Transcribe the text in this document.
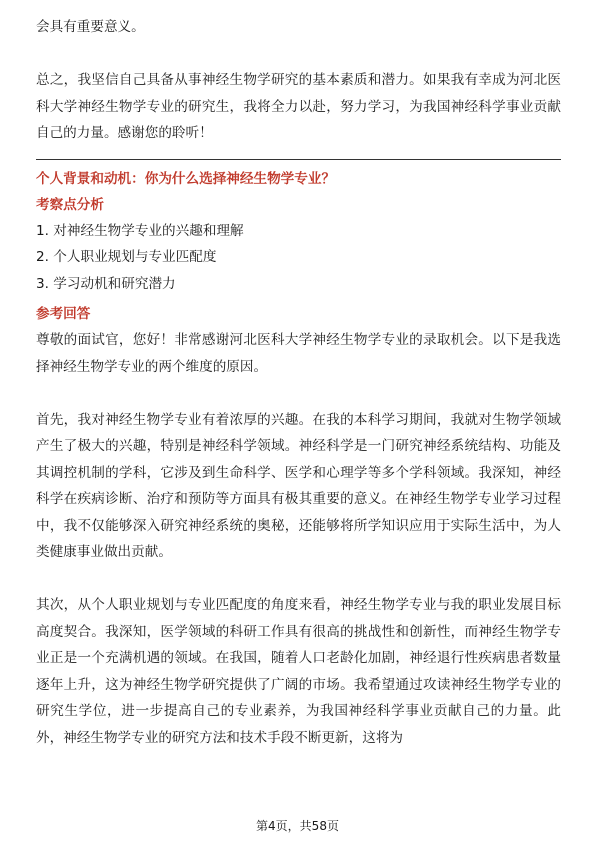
会具有重要意义。

总之，我坚信自己具备从事神经生物学研究的基本素质和潜力。如果我有幸成为河北医科大学神经生物学专业的研究生，我将全力以赴，努力学习，为我国神经科学事业贡献自己的力量。感谢您的聆听！

个人背景和动机：你为什么选择神经生物学专业？

考察点分析

1. 对神经生物学专业的兴趣和理解

2. 个人职业规划与专业匹配度

3. 学习动机和研究潜力

参考回答

尊敬的面试官，您好！非常感谢河北医科大学神经生物学专业的录取机会。以下是我选择神经生物学专业的两个维度的原因。

首先，我对神经生物学专业有着浓厚的兴趣。在我的本科学习期间，我就对生物学领域产生了极大的兴趣，特别是神经科学领域。神经科学是一门研究神经系统结构、功能及其调控机制的学科，它涉及到生命科学、医学和心理学等多个学科领域。我深知，神经科学在疾病诊断、治疗和预防等方面具有极其重要的意义。在神经生物学专业学习过程中，我不仅能够深入研究神经系统的奥秘，还能够将所学知识应用于实际生活中，为人类健康事业做出贡献。

其次，从个人职业规划与专业匹配度的角度来看，神经生物学专业与我的职业发展目标高度契合。我深知，医学领域的科研工作具有很高的挑战性和创新性，而神经生物学专业正是一个充满机遇的领域。在我国，随着人口老龄化加剧，神经退行性疾病患者数量逐年上升，这为神经生物学研究提供了广阔的市场。我希望通过攻读神经生物学专业的研究生学位，进一步提高自己的专业素养，为我国神经科学事业贡献自己的力量。此外，神经生物学专业的研究方法和技术手段不断更新，这将为

第4页，共58页
